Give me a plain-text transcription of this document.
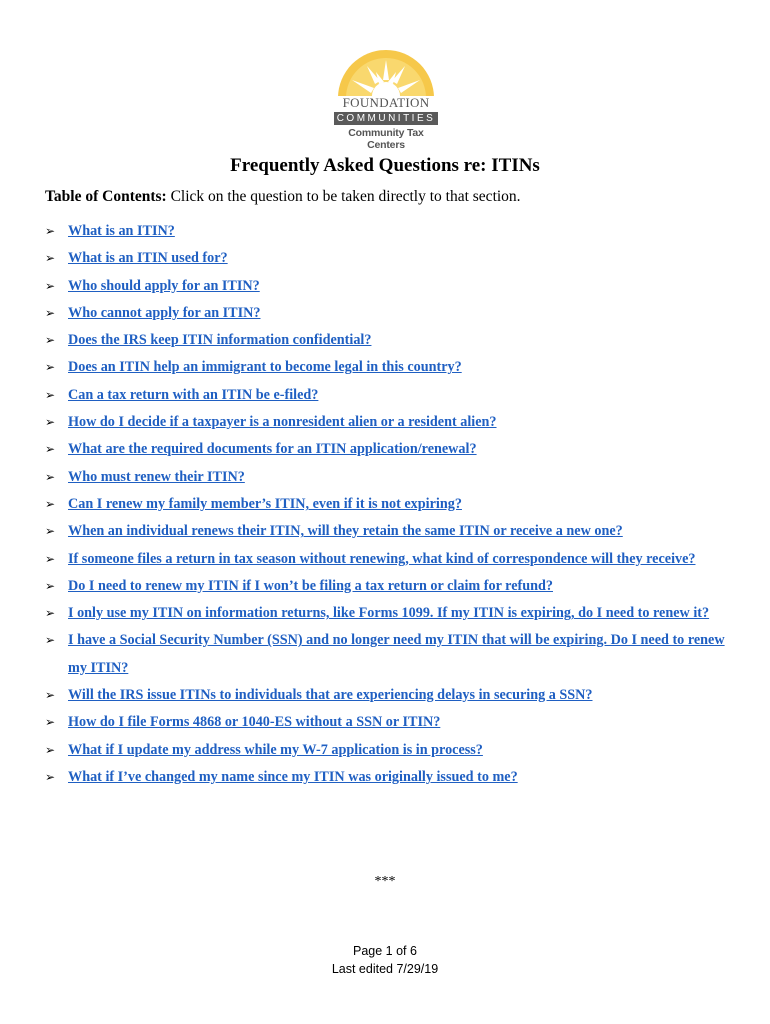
FOUNDATION
COMMUNITIES
Community Tax Centers
Frequently Asked Questions re: ITINs
Table of Contents: Click on the question to be taken directly to that section.
➢ What is an ITIN?
➢ What is an ITIN used for?
➢ Who should apply for an ITIN?
➢ Who cannot apply for an ITIN?
➢ Does the IRS keep ITIN information confidential?
➢ Does an ITIN help an immigrant to become legal in this country?
➢ Can a tax return with an ITIN be e-filed?
➢ How do I decide if a taxpayer is a nonresident alien or a resident alien?
➢ What are the required documents for an ITIN application/renewal?
➢ Who must renew their ITIN?
➢ Can I renew my family member’s ITIN, even if it is not expiring?
➢ When an individual renews their ITIN, will they retain the same ITIN or receive a new one?
➢ If someone files a return in tax season without renewing, what kind of correspondence will they receive?
➢ Do I need to renew my ITIN if I won’t be filing a tax return or claim for refund?
➢ I only use my ITIN on information returns, like Forms 1099. If my ITIN is expiring, do I need to renew it?
➢ I have a Social Security Number (SSN) and no longer need my ITIN that will be expiring. Do I need to renew my ITIN?
➢ Will the IRS issue ITINs to individuals that are experiencing delays in securing a SSN?
➢ How do I file Forms 4868 or 1040-ES without a SSN or ITIN?
➢ What if I update my address while my W-7 application is in process?
➢ What if I’ve changed my name since my ITIN was originally issued to me?
***
Page 1 of 6
Last edited 7/29/19
